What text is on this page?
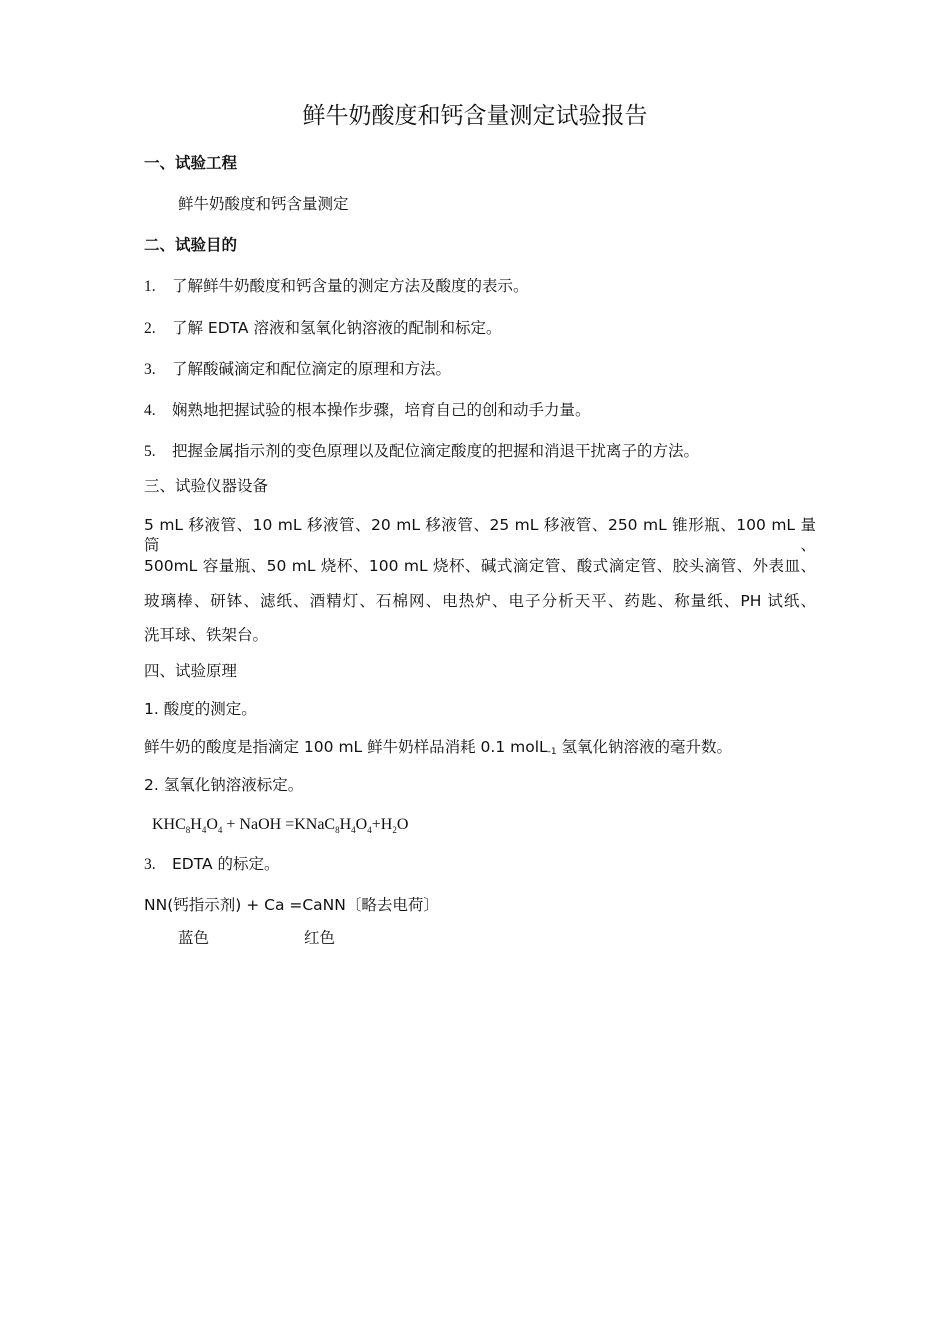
鲜牛奶酸度和钙含量测定试验报告
一、试验工程
鲜牛奶酸度和钙含量测定
二、试验目的
1. 了解鲜牛奶酸度和钙含量的测定方法及酸度的表示。
2. 了解 EDTA 溶液和氢氧化钠溶液的配制和标定。
3. 了解酸碱滴定和配位滴定的原理和方法。
4. 娴熟地把握试验的根本操作步骤，培育自己的创和动手力量。
5. 把握金属指示剂的变色原理以及配位滴定酸度的把握和消退干扰离子的方法。
三、试验仪器设备
5 mL 移液管、10 mL 移液管、20 mL 移液管、25 mL 移液管、250 mL 锥形瓶、100 mL 量筒、
500mL 容量瓶、50 mL 烧杯、100 mL 烧杯、碱式滴定管、酸式滴定管、胶头滴管、外表皿、
玻璃棒、研钵、滤纸、酒精灯、石棉网、电热炉、电子分析天平、药匙、称量纸、PH 试纸、
洗耳球、铁架台。
四、试验原理
1. 酸度的测定。
鲜牛奶的酸度是指滴定 100 mL 鲜牛奶样品消耗 0.1 molL$^{-1}$ 氢氧化钠溶液的毫升数。
2. 氢氧化钠溶液标定。
$KHC_8H_4O_4$ + NaOH $=KNaC_8H_4O_4+H_2O$
3. EDTA 的标定。
NN(钙指示剂) + Ca =CaNN〔略去电荷〕
蓝色	红色
